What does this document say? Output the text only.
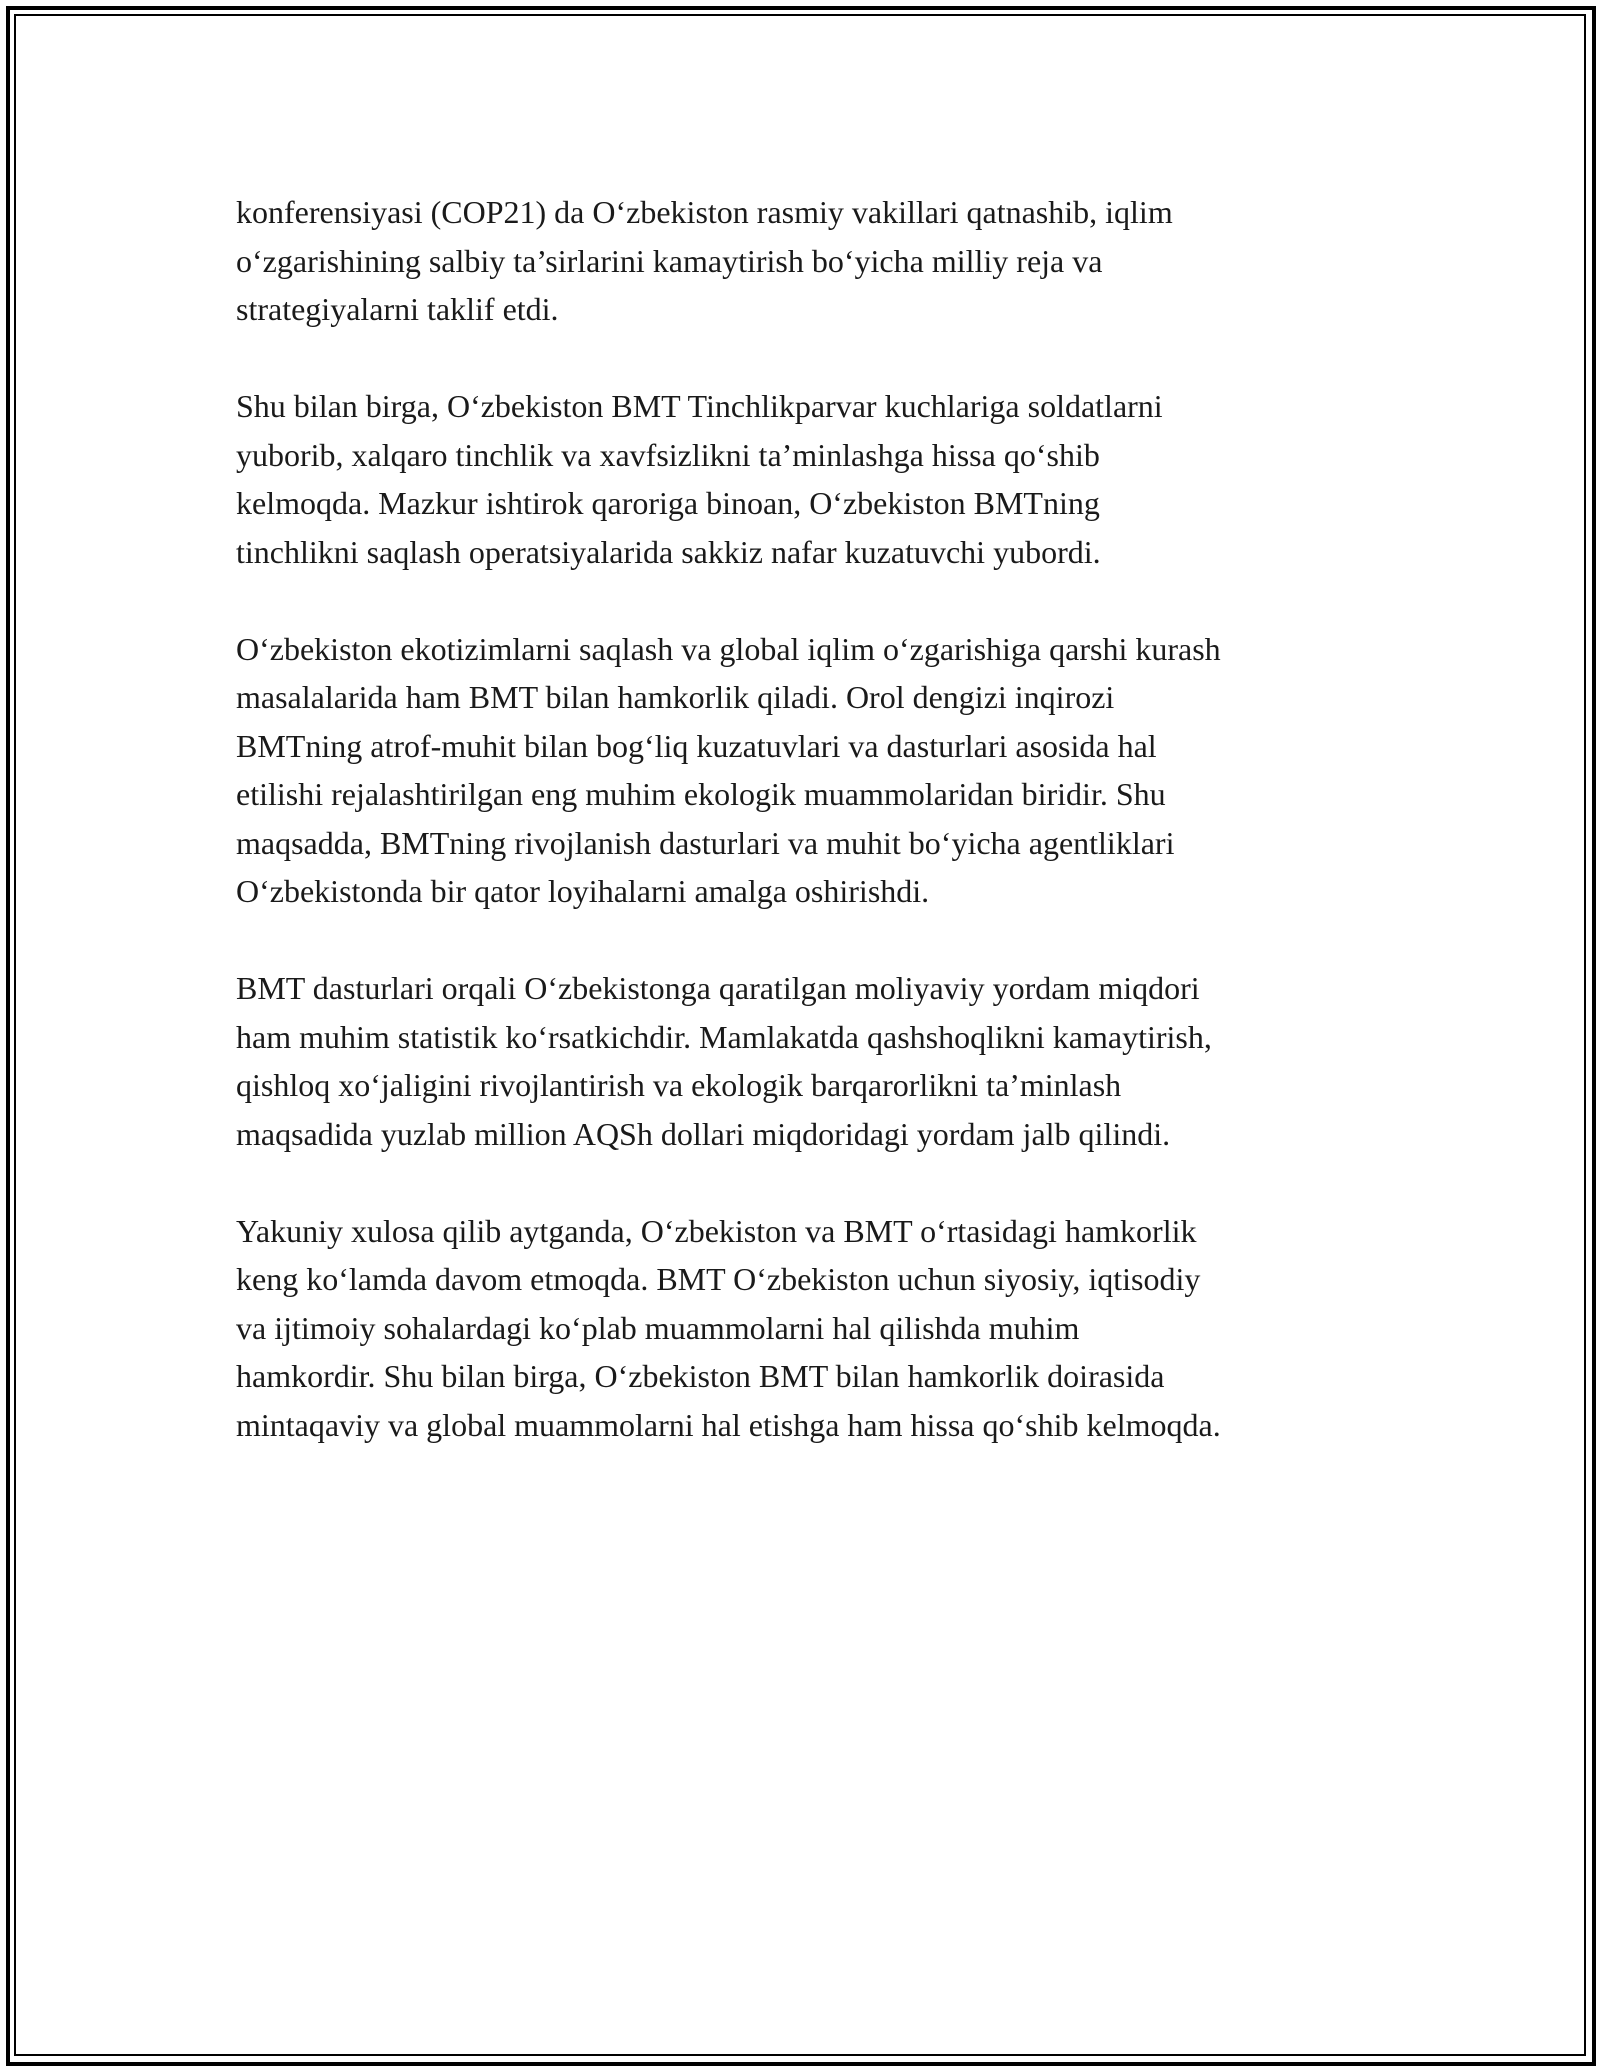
konferensiyasi (COP21) da O‘zbekiston rasmiy vakillari qatnashib, iqlim
o‘zgarishining salbiy ta’sirlarini kamaytirish bo‘yicha milliy reja va
strategiyalarni taklif etdi.
Shu bilan birga, O‘zbekiston BMT Tinchlikparvar kuchlariga soldatlarni
yuborib, xalqaro tinchlik va xavfsizlikni ta’minlashga hissa qo‘shib
kelmoqda. Mazkur ishtirok qaroriga binoan, O‘zbekiston BMTning
tinchlikni saqlash operatsiyalarida sakkiz nafar kuzatuvchi yubordi.
O‘zbekiston ekotizimlarni saqlash va global iqlim o‘zgarishiga qarshi kurash
masalalarida ham BMT bilan hamkorlik qiladi. Orol dengizi inqirozi
BMTning atrof-muhit bilan bog‘liq kuzatuvlari va dasturlari asosida hal
etilishi rejalashtirilgan eng muhim ekologik muammolaridan biridir. Shu
maqsadda, BMTning rivojlanish dasturlari va muhit bo‘yicha agentliklari
O‘zbekistonda bir qator loyihalarni amalga oshirishdi.
BMT dasturlari orqali O‘zbekistonga qaratilgan moliyaviy yordam miqdori
ham muhim statistik ko‘rsatkichdir. Mamlakatda qashshoqlikni kamaytirish,
qishloq xo‘jaligini rivojlantirish va ekologik barqarorlikni ta’minlash
maqsadida yuzlab million AQSh dollari miqdoridagi yordam jalb qilindi.
Yakuniy xulosa qilib aytganda, O‘zbekiston va BMT o‘rtasidagi hamkorlik
keng ko‘lamda davom etmoqda. BMT O‘zbekiston uchun siyosiy, iqtisodiy
va ijtimoiy sohalardagi ko‘plab muammolarni hal qilishda muhim
hamkordir. Shu bilan birga, O‘zbekiston BMT bilan hamkorlik doirasida
mintaqaviy va global muammolarni hal etishga ham hissa qo‘shib kelmoqda.
